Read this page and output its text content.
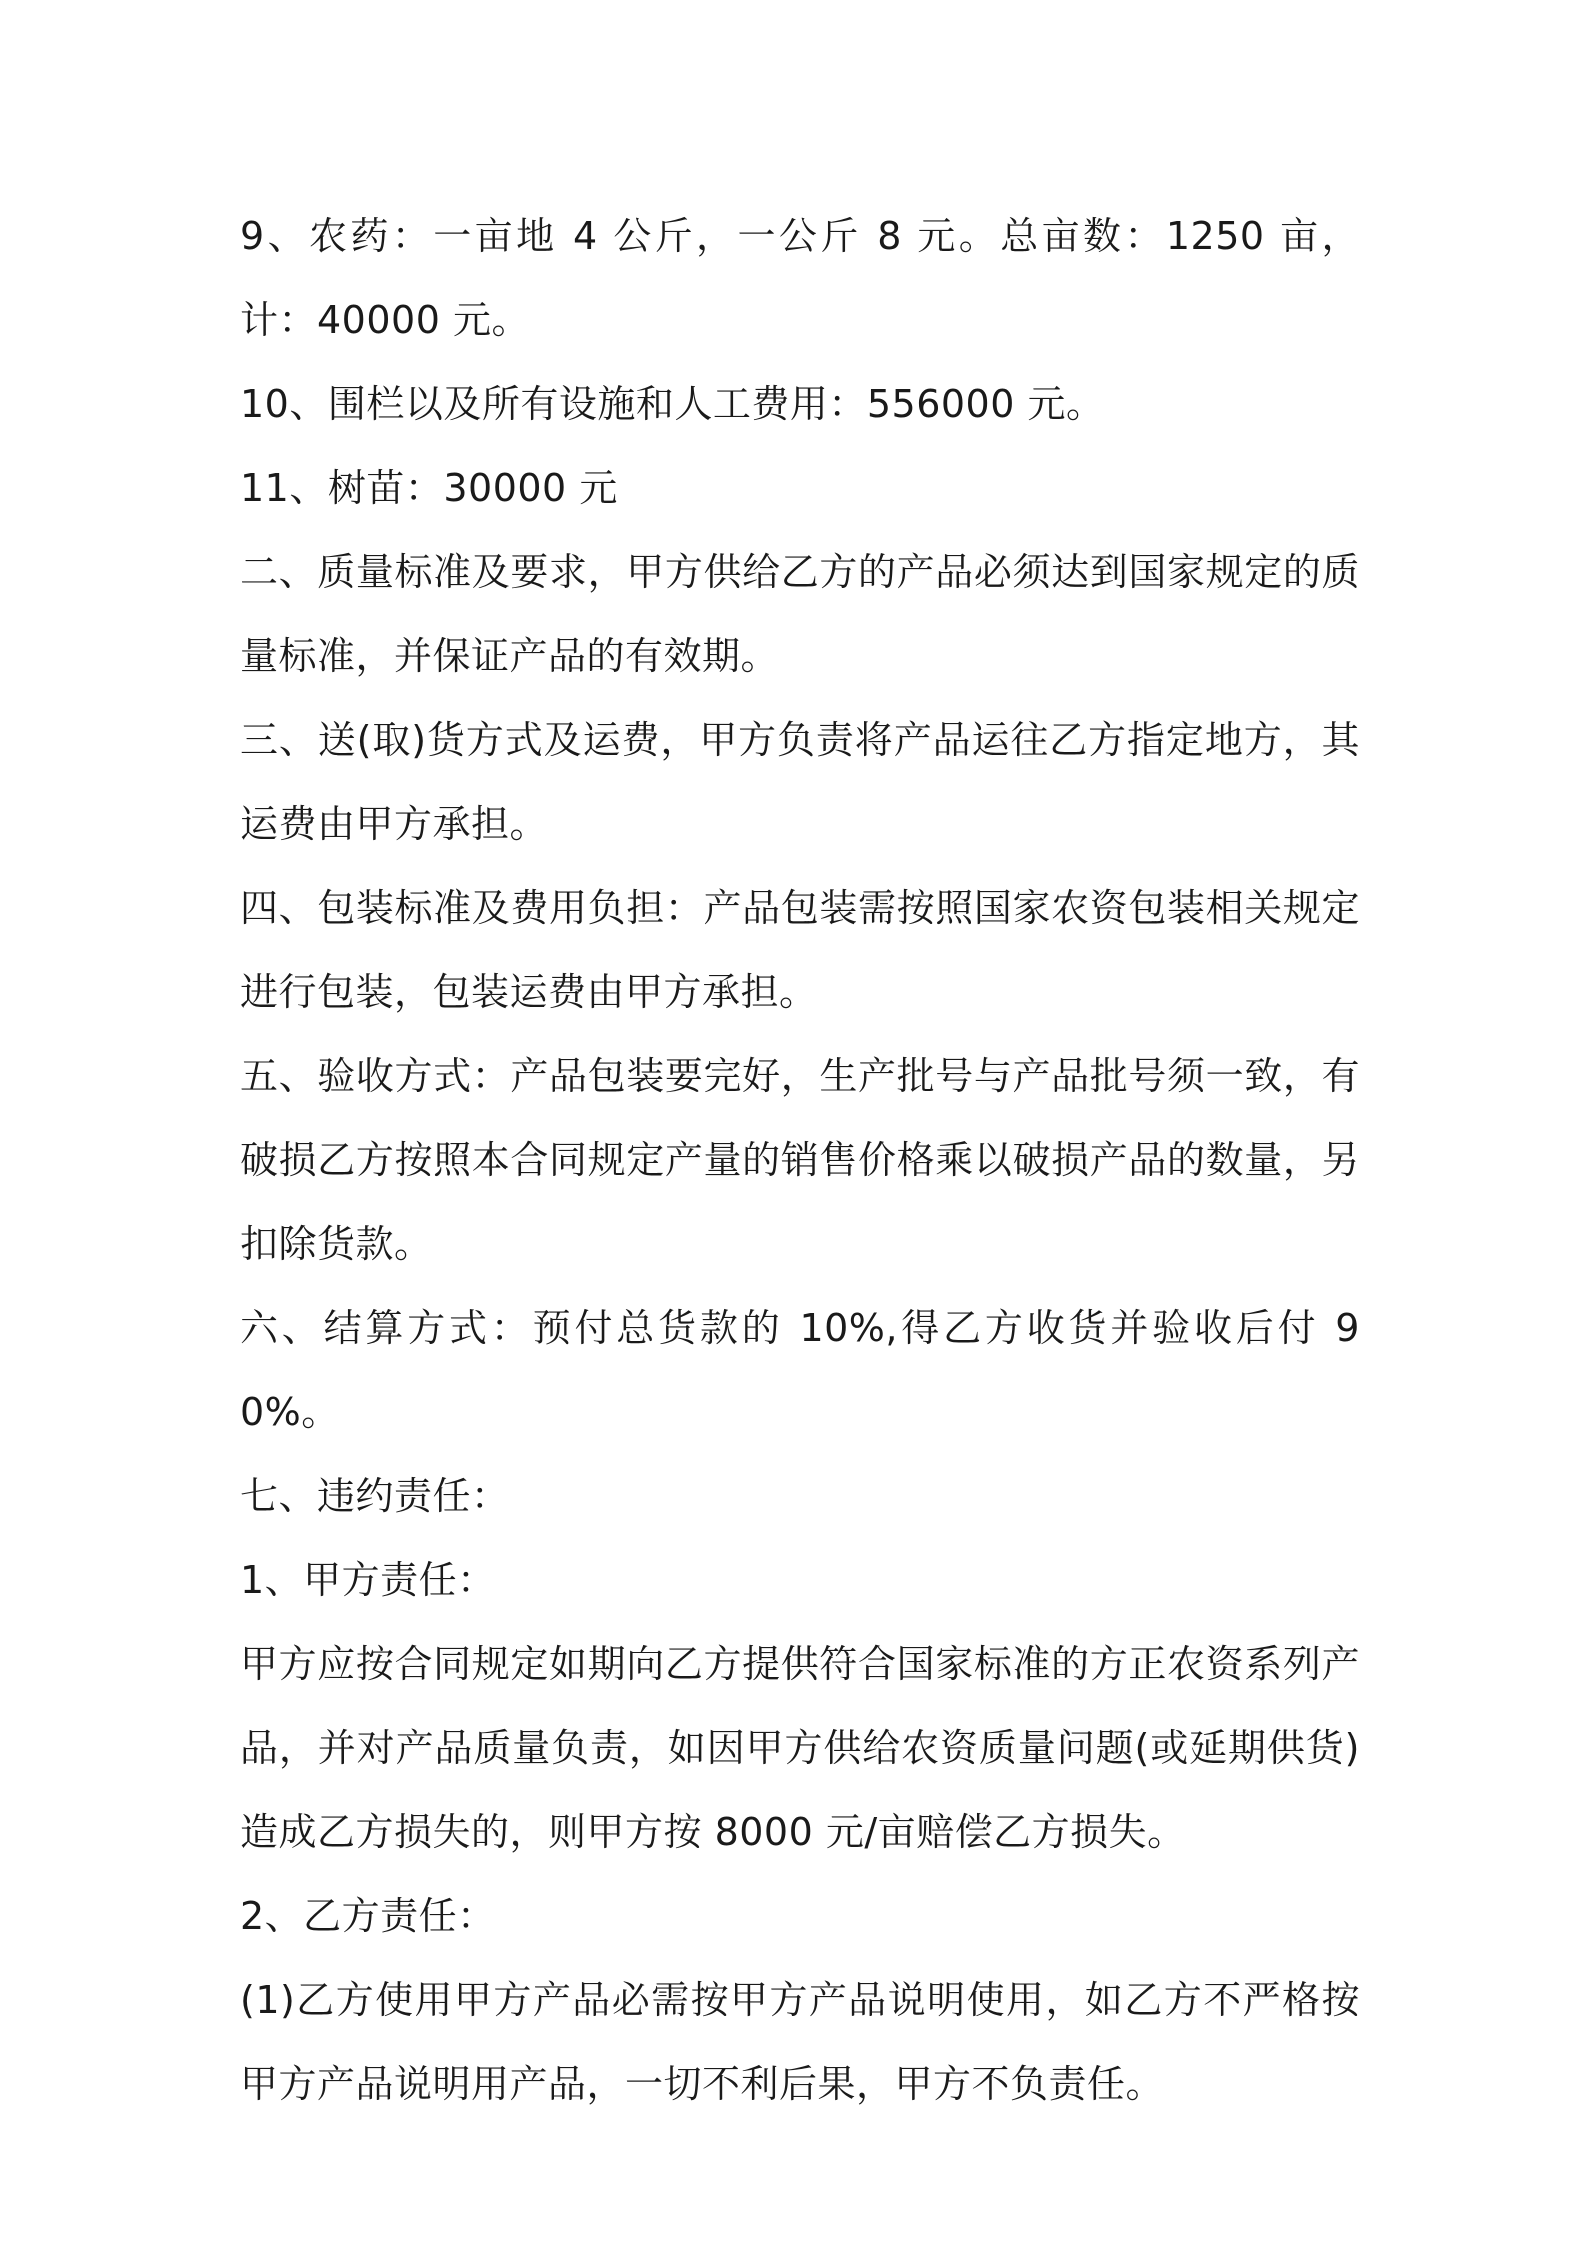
9、农药：一亩地 4 公斤，一公斤 8 元。总亩数：1250 亩，计：40000 元。

10、围栏以及所有设施和人工费用：556000 元。

11、树苗：30000 元

二、质量标准及要求，甲方供给乙方的产品必须达到国家规定的质量标准，并保证产品的有效期。

三、送(取)货方式及运费，甲方负责将产品运往乙方指定地方，其运费由甲方承担。

四、包装标准及费用负担：产品包装需按照国家农资包装相关规定进行包装，包装运费由甲方承担。

五、验收方式：产品包装要完好，生产批号与产品批号须一致，有破损乙方按照本合同规定产量的销售价格乘以破损产品的数量，另扣除货款。

六、结算方式：预付总货款的 10%,得乙方收货并验收后付 90%。

七、违约责任：

1、甲方责任：

甲方应按合同规定如期向乙方提供符合国家标准的方正农资系列产品，并对产品质量负责，如因甲方供给农资质量问题(或延期供货)造成乙方损失的，则甲方按 8000 元/亩赔偿乙方损失。

2、乙方责任：

(1)乙方使用甲方产品必需按甲方产品说明使用，如乙方不严格按甲方产品说明用产品，一切不利后果，甲方不负责任。
